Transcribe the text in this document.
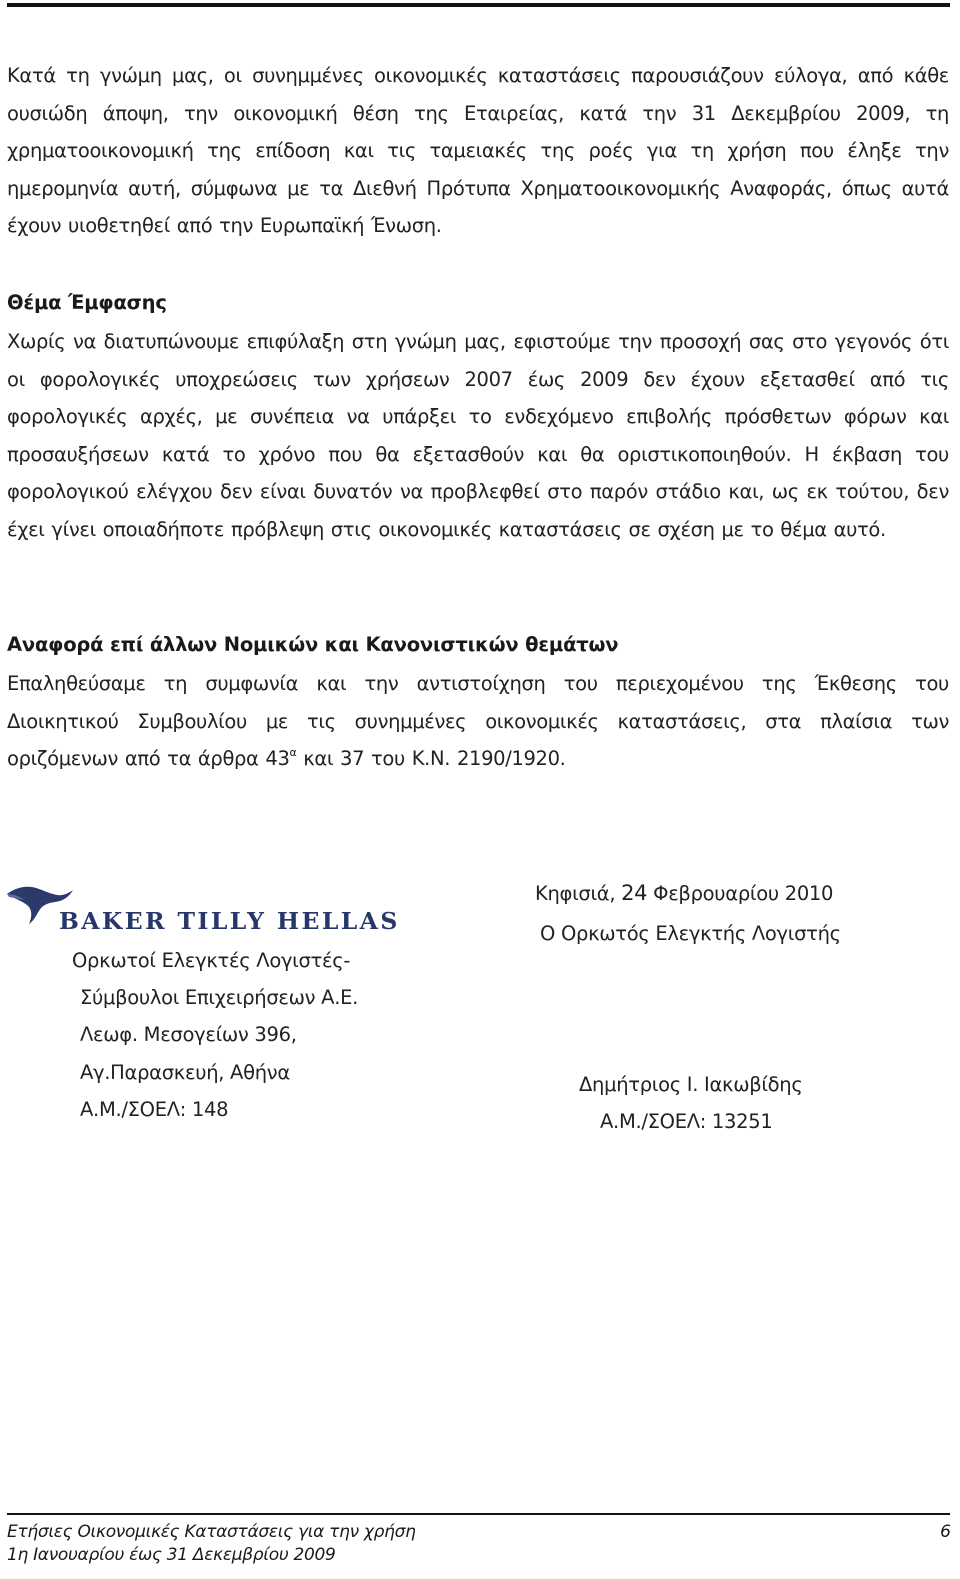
Κατά τη γνώμη μας, οι συνημμένες οικονομικές καταστάσεις παρουσιάζουν εύλογα, από κάθε ουσιώδη άποψη, την οικονομική θέση της Εταιρείας, κατά την 31 Δεκεμβρίου 2009, τη χρηματοοικονομική της επίδοση και τις ταμειακές της ροές για τη χρήση που έληξε την ημερομηνία αυτή, σύμφωνα με τα Διεθνή Πρότυπα Χρηματοοικονομικής Αναφοράς, όπως αυτά έχουν υιοθετηθεί από την Ευρωπαϊκή Ένωση.

Θέμα Έμφασης

Χωρίς να διατυπώνουμε επιφύλαξη στη γνώμη μας, εφιστούμε την προσοχή σας στο γεγονός ότι οι φορολογικές υποχρεώσεις των χρήσεων 2007 έως 2009 δεν έχουν εξετασθεί από τις φορολογικές αρχές, με συνέπεια να υπάρξει το ενδεχόμενο επιβολής πρόσθετων φόρων και προσαυξήσεων κατά το χρόνο που θα εξετασθούν και θα οριστικοποιηθούν. Η έκβαση του φορολογικού ελέγχου δεν είναι δυνατόν να προβλεφθεί στο παρόν στάδιο και, ως εκ τούτου, δεν έχει γίνει οποιαδήποτε πρόβλεψη στις οικονομικές καταστάσεις σε σχέση με το θέμα αυτό.

Αναφορά επί άλλων Νομικών και Κανονιστικών θεμάτων

Επαληθεύσαμε τη συμφωνία και την αντιστοίχηση του περιεχομένου της Έκθεσης του Διοικητικού Συμβουλίου με τις συνημμένες οικονομικές καταστάσεις, στα πλαίσια των οριζόμενων από τα άρθρα $43^\alpha$ και 37 του Κ.Ν. 2190/1920.

BAKER TILLY HELLAS

Ορκωτοί Ελεγκτές Λογιστές-

Σύμβουλοι Επιχειρήσεων Α.Ε.

Λεωφ. Μεσογείων 396,

Αγ.Παρασκευή, Αθήνα

Α.Μ./ΣΟΕΛ: 148

Κηφισιά, 24 Φεβρουαρίου 2010

Ο Ορκωτός Ελεγκτής Λογιστής

Δημήτριος Ι. Ιακωβίδης

Α.Μ./ΣΟΕΛ: 13251

Ετήσιες Οικονομικές Καταστάσεις για την χρήση

1η Ιανουαρίου έως 31 Δεκεμβρίου 2009

6
